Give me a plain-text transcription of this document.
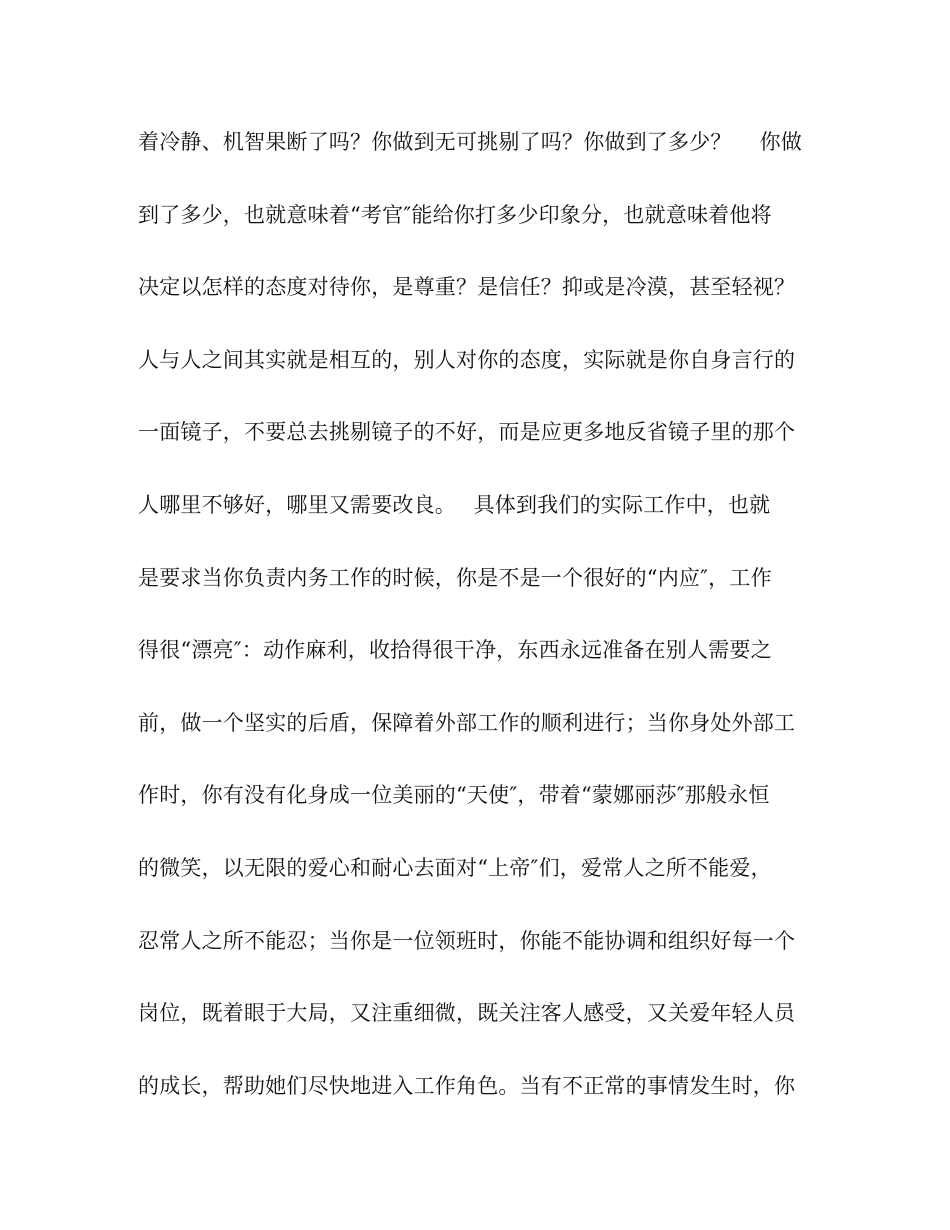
着冷静、机智果断了吗？你做到无可挑剔了吗？你做到了多少？　 你做
到了多少，也就意味着“考官″能给你打多少印象分，也就意味着他将
决定以怎样的态度对待你，是尊重？是信任？抑或是冷漠，甚至轻视？
人与人之间其实就是相互的，别人对你的态度，实际就是你自身言行的
一面镜子，不要总去挑剔镜子的不好，而是应更多地反省镜子里的那个
人哪里不够好，哪里又需要改良。　 具体到我们的实际工作中，也就
是要求当你负责内务工作的时候，你是不是一个很好的“内应″，工作
得很“漂亮″：动作麻利，收拾得很干净，东西永远准备在别人需要之
前，做一个坚实的后盾，保障着外部工作的顺利进行；当你身处外部工
作时，你有没有化身成一位美丽的“天使″，带着“蒙娜丽莎″那般永恒
的微笑，以无限的爱心和耐心去面对“上帝″们，爱常人之所不能爱，
忍常人之所不能忍；当你是一位领班时，你能不能协调和组织好每一个
岗位，既着眼于大局，又注重细微，既关注客人感受，又关爱年轻人员
的成长，帮助她们尽快地进入工作角色。当有不正常的事情发生时，你
